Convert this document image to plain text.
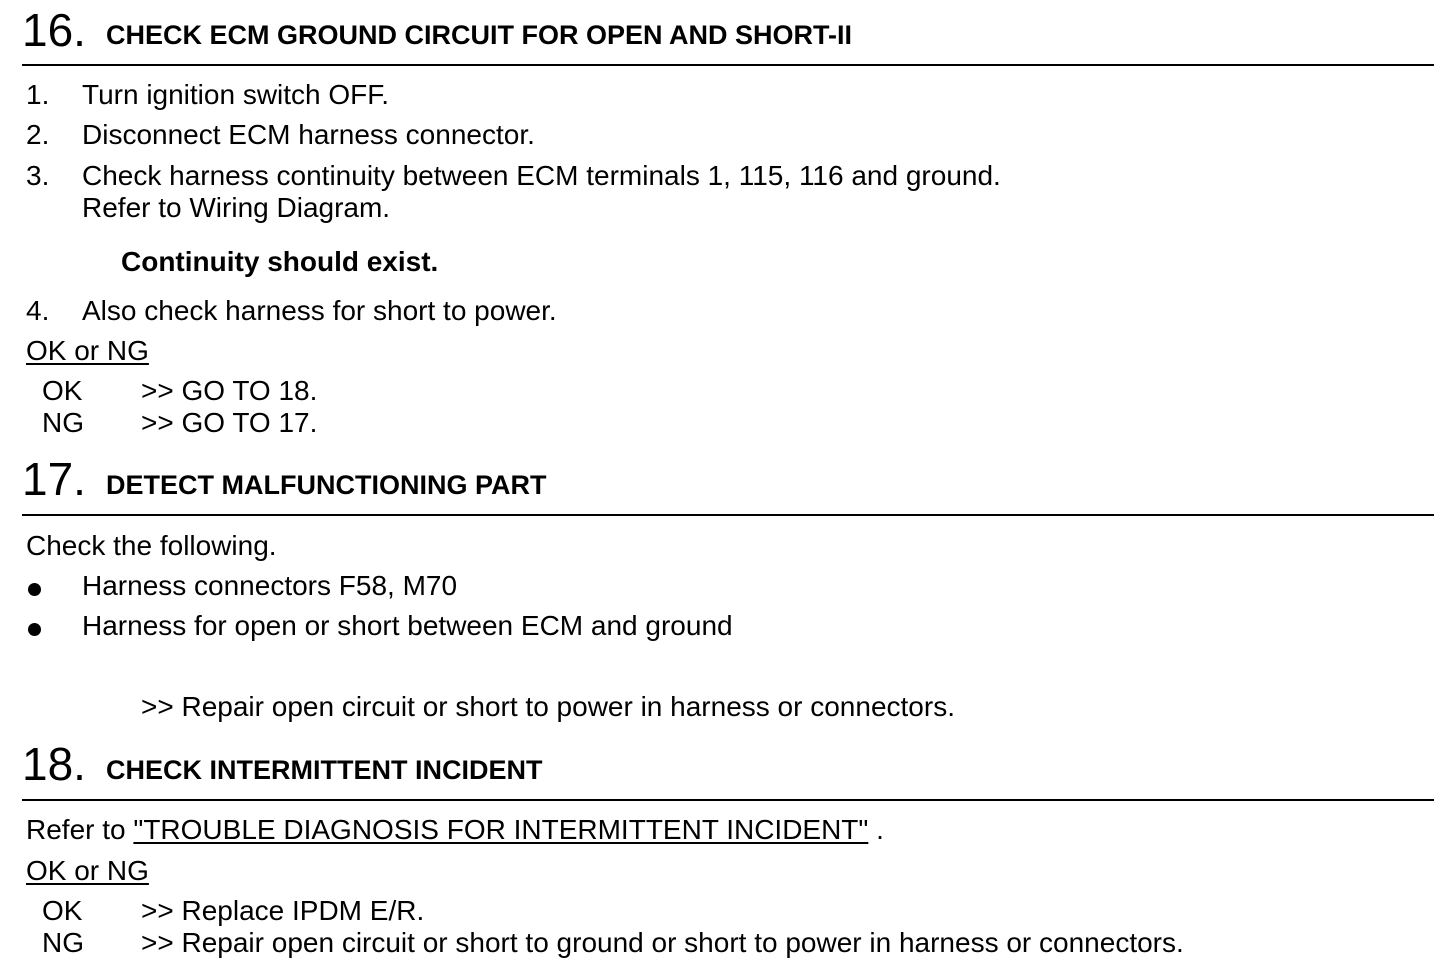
16. CHECK ECM GROUND CIRCUIT FOR OPEN AND SHORT-II
1. Turn ignition switch OFF.
2. Disconnect ECM harness connector.
3. Check harness continuity between ECM terminals 1, 115, 116 and ground.
Refer to Wiring Diagram.
Continuity should exist.
4. Also check harness for short to power.
OK or NG
OK >> GO TO 18.
NG >> GO TO 17.
17. DETECT MALFUNCTIONING PART
Check the following.
Harness connectors F58, M70
Harness for open or short between ECM and ground
>> Repair open circuit or short to power in harness or connectors.
18. CHECK INTERMITTENT INCIDENT
Refer to "TROUBLE DIAGNOSIS FOR INTERMITTENT INCIDENT" .
OK or NG
OK >> Replace IPDM E/R.
NG >> Repair open circuit or short to ground or short to power in harness or connectors.
